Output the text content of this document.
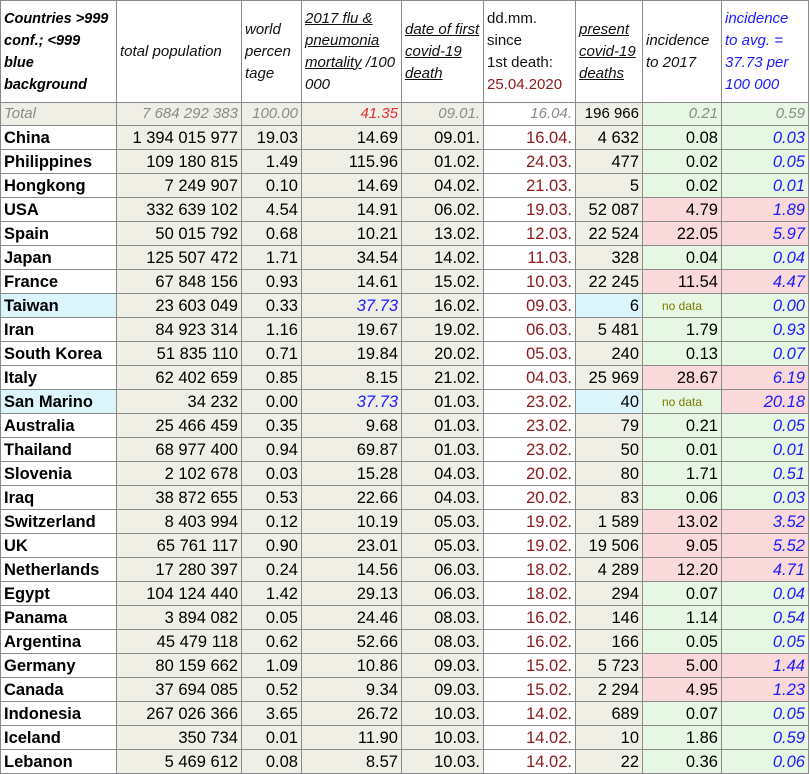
Countries >999 conf.; <999 blue background	total population	world percen tage	2017 flu & pneumonia mortality /100 000	date of first covid-19 death	dd.mm.
since
1st death:
25.04.2020	present covid-19 deaths	incidence to 2017	incidence to avg. = 37.73 per 100 000
Total	7 684 292 383	100.00	41.35	09.01.	16.04.	196 966	0.21	0.59
China	1 394 015 977	19.03	14.69	09.01.	16.04.	4 632	0.08	0.03
Philippines	109 180 815	1.49	115.96	01.02.	24.03.	477	0.02	0.05
Hongkong	7 249 907	0.10	14.69	04.02.	21.03.	5	0.02	0.01
USA	332 639 102	4.54	14.91	06.02.	19.03.	52 087	4.79	1.89
Spain	50 015 792	0.68	10.21	13.02.	12.03.	22 524	22.05	5.97
Japan	125 507 472	1.71	34.54	14.02.	11.03.	328	0.04	0.04
France	67 848 156	0.93	14.61	15.02.	10.03.	22 245	11.54	4.47
Taiwan	23 603 049	0.33	37.73	16.02.	09.03.	6	no data	0.00
Iran	84 923 314	1.16	19.67	19.02.	06.03.	5 481	1.79	0.93
South Korea	51 835 110	0.71	19.84	20.02.	05.03.	240	0.13	0.07
Italy	62 402 659	0.85	8.15	21.02.	04.03.	25 969	28.67	6.19
San Marino	34 232	0.00	37.73	01.03.	23.02.	40	no data	20.18
Australia	25 466 459	0.35	9.68	01.03.	23.02.	79	0.21	0.05
Thailand	68 977 400	0.94	69.87	01.03.	23.02.	50	0.01	0.01
Slovenia	2 102 678	0.03	15.28	04.03.	20.02.	80	1.71	0.51
Iraq	38 872 655	0.53	22.66	04.03.	20.02.	83	0.06	0.03
Switzerland	8 403 994	0.12	10.19	05.03.	19.02.	1 589	13.02	3.52
UK	65 761 117	0.90	23.01	05.03.	19.02.	19 506	9.05	5.52
Netherlands	17 280 397	0.24	14.56	06.03.	18.02.	4 289	12.20	4.71
Egypt	104 124 440	1.42	29.13	06.03.	18.02.	294	0.07	0.04
Panama	3 894 082	0.05	24.46	08.03.	16.02.	146	1.14	0.54
Argentina	45 479 118	0.62	52.66	08.03.	16.02.	166	0.05	0.05
Germany	80 159 662	1.09	10.86	09.03.	15.02.	5 723	5.00	1.44
Canada	37 694 085	0.52	9.34	09.03.	15.02.	2 294	4.95	1.23
Indonesia	267 026 366	3.65	26.72	10.03.	14.02.	689	0.07	0.05
Iceland	350 734	0.01	11.90	10.03.	14.02.	10	1.86	0.59
Lebanon	5 469 612	0.08	8.57	10.03.	14.02.	22	0.36	0.06
